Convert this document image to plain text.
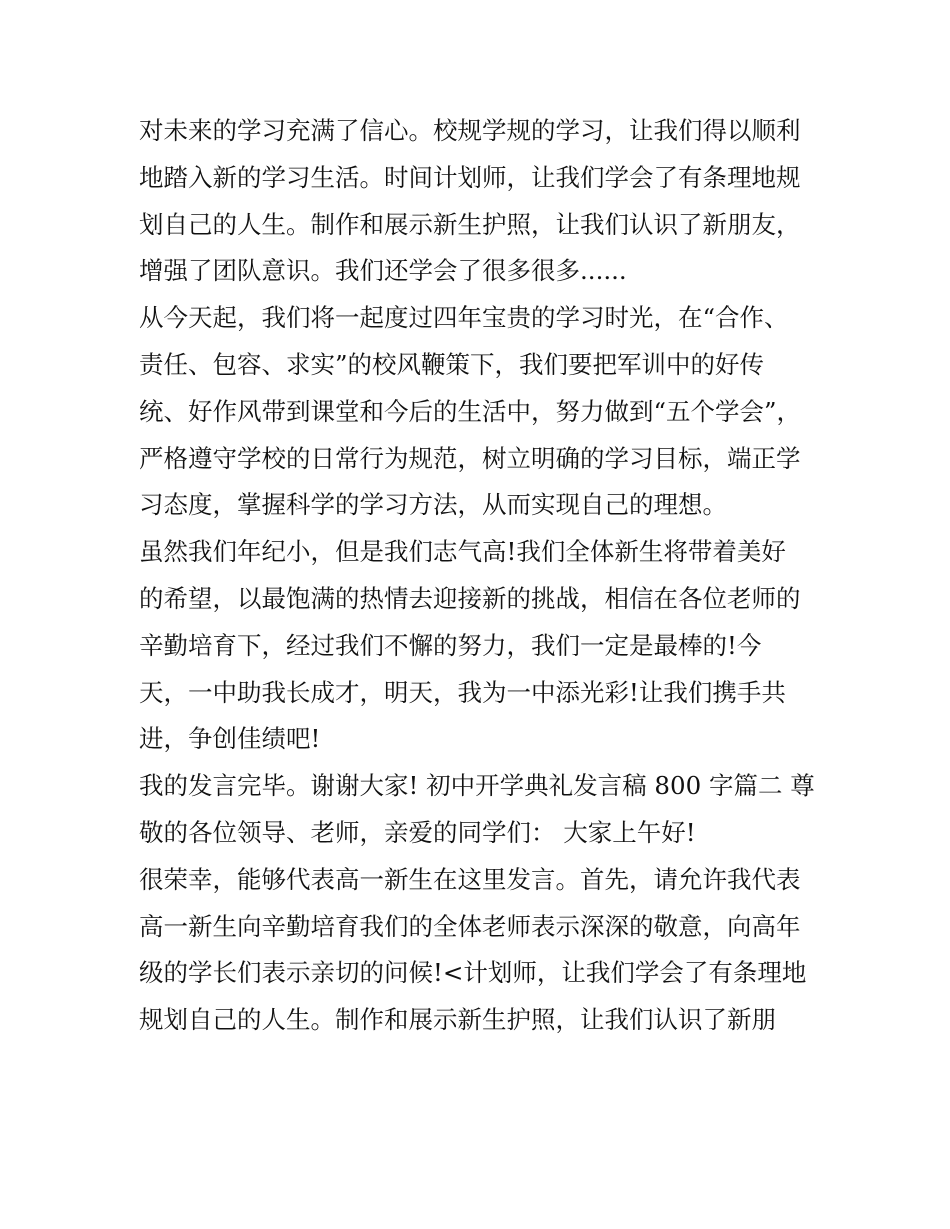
对未来的学习充满了信心。校规学规的学习，让我们得以顺利
地踏入新的学习生活。时间计划师，让我们学会了有条理地规
划自己的人生。制作和展示新生护照，让我们认识了新朋友，
增强了团队意识。我们还学会了很多很多......
从今天起，我们将一起度过四年宝贵的学习时光，在“合作、
责任、包容、求实”的校风鞭策下，我们要把军训中的好传
统、好作风带到课堂和今后的生活中，努力做到“五个学会”，
严格遵守学校的日常行为规范，树立明确的学习目标，端正学
习态度，掌握科学的学习方法，从而实现自己的理想。
虽然我们年纪小，但是我们志气高!我们全体新生将带着美好
的希望，以最饱满的热情去迎接新的挑战，相信在各位老师的
辛勤培育下，经过我们不懈的努力，我们一定是最棒的!今
天，一中助我长成才，明天，我为一中添光彩!让我们携手共
进，争创佳绩吧!
我的发言完毕。谢谢大家! 初中开学典礼发言稿 800 字篇二 尊
敬的各位领导、老师，亲爱的同学们： 大家上午好!
很荣幸，能够代表高一新生在这里发言。首先，请允许我代表
高一新生向辛勤培育我们的全体老师表示深深的敬意，向高年
级的学长们表示亲切的问候!<计划师，让我们学会了有条理地
规划自己的人生。制作和展示新生护照，让我们认识了新朋
